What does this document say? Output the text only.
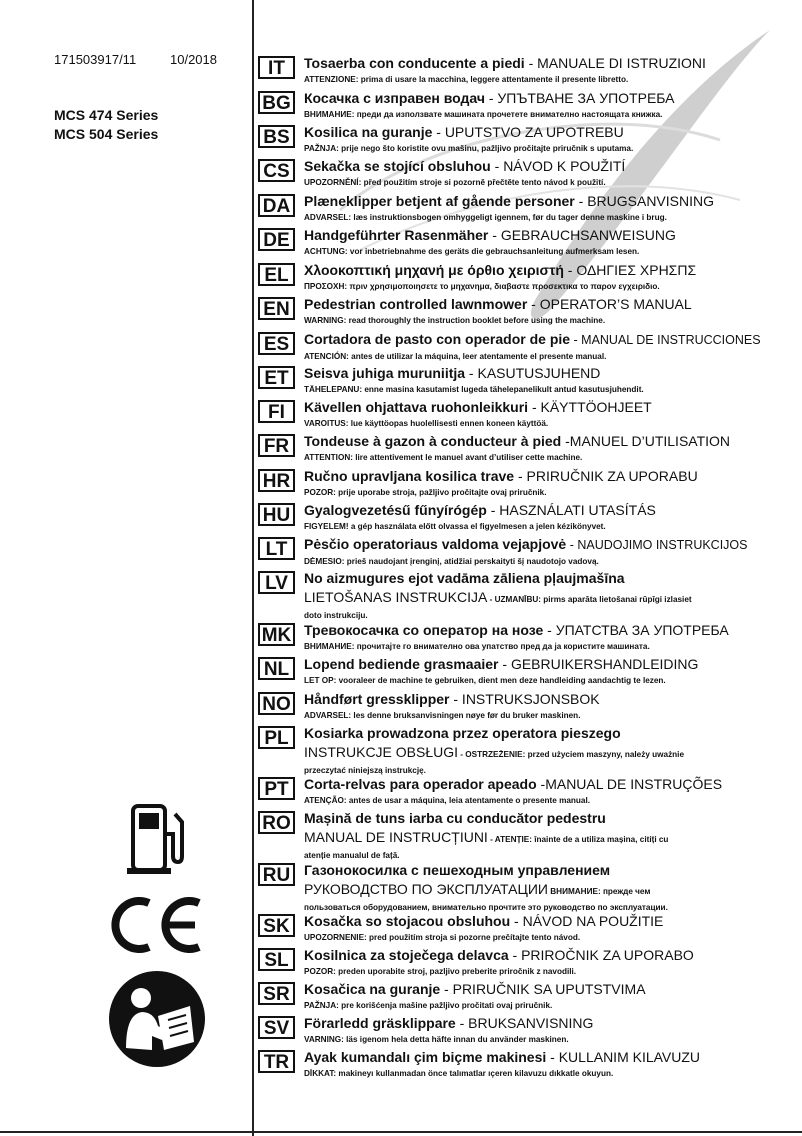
171503917/11	10/2018
MCS 474 Series
MCS 504 Series
IT	Tosaerba con conducente a piedi - MANUALE DI ISTRUZIONI
ATTENZIONE: prima di usare la macchina, leggere attentamente il presente libretto.
BG Косачка с изправен водач - УПЪТВАНЕ ЗА УПОТРЕБА
ВНИМАНИЕ: преди да използвате машината прочетете внимателно настоящата книжка.
BS	Kosilica na guranje - UPUTSTVO ZA UPOTREBU
PAŽNJA: prije nego što koristite ovu mašinu, pažljivo pročitajte priručnik s uputama.
CS	Sekačka se stojící obsluhou - NÁVOD K POUŽITÍ
UPOZORNĚNÍ: před použitím stroje si pozorně přečtěte tento návod k použití.
DA Plæneklipper betjent af gående personer - BRUGSANVISNING
ADVARSEL: læs instruktionsbogen omhyggeligt igennem, før du tager denne maskine i brug.
DE	Handgeführter Rasenmäher - GEBRAUCHSANWEISUNG
ACHTUNG: vor inbetriebnahme des geräts die gebrauchsanleitung aufmerksam lesen.
EL	Χλοοκοπτική μηχανή με όρθιο χειριστή - ΟΔΗΓΙΕΣ ΧΡΗΣΠΣ
ΠΡΟΣΟΧΗ: πριν χρησιμοποιησετε το μηχανημα, διαβαστε προσεκτικα το παρον εγχειριδιο.
EN	Pedestrian controlled lawnmower - OPERATOR’S MANUAL
WARNING: read thoroughly the instruction booklet before using the machine.
ES	Cortadora de pasto con operador de pie - MANUAL DE INSTRUCCIONES
ATENCIÓN: antes de utilizar la máquina, leer atentamente el presente manual.
ET	Seisva juhiga muruniitja - KASUTUSJUHEND
TÄHELEPANU: enne masina kasutamist lugeda tähelepanelikult antud kasutusjuhendit.
FI	Kävellen ohjattava ruohonleikkuri - KÄYTTÖOHJEET
VAROITUS: lue käyttöopas huolellisesti ennen koneen käyttöä.
FR	Tondeuse à gazon à conducteur à pied -MANUEL D’UTILISATION
ATTENTION: lire attentivement le manuel avant d’utiliser cette machine.
HR Ručno upravljana kosilica trave - PRIRUČNIK ZA UPORABU
POZOR: prije uporabe stroja, pažljivo pročitajte ovaj priručnik.
HU Gyalogvezetésű fűnyírógép - HASZNÁLATI UTASÍTÁS
FIGYELEM! a gép használata előtt olvassa el figyelmesen a jelen kézikönyvet.
LT	Pėsčio operatoriaus valdoma vejapjovė - NAUDOJIMO INSTRUKCIJOS
DĖMESIO: prieš naudojant įrenginį, atidžiai perskaityti šį naudotojo vadovą.
LV	No aizmugures ejot vadāma zāliena pļaujmašīna
LIETOŠANAS INSTRUKCIJA - UZMANĪBU: pirms aparāta lietošanai rūpīgi izlasiet
doto instrukciju.
MK Тревокосачка со оператор на нозе - УПАТСТВА ЗА УПОТРЕБА
ВНИМАНИЕ: прочитајте го внимателно ова упатство пред да ја користите машината.
NL	Lopend bediende grasmaaier - GEBRUIKERSHANDLEIDING
LET OP: vooraleer de machine te gebruiken, dient men deze handleiding aandachtig te lezen.
NO Håndført gressklipper - INSTRUKSJONSBOK
ADVARSEL: les denne bruksanvisningen nøye før du bruker maskinen.
PL	Kosiarka prowadzona przez operatora pieszego
INSTRUKCJE OBSŁUGI - OSTRZEŻENIE: przed użyciem maszyny, należy uważnie
przeczytać niniejszą instrukcję.
PT	Corta-relvas para operador apeado -MANUAL DE INSTRUÇÕES
ATENÇÃO: antes de usar a máquina, leia atentamente o presente manual.
RO Mașină de tuns iarba cu conducător pedestru
MANUAL DE INSTRUCȚIUNI - ATENȚIE: înainte de a utiliza mașina, citiți cu
atenție manualul de față.
RU Газонокосилка с пешеходным управлением
РУКОВОДСТВО ПО ЭКСПЛУАТАЦИИ ВНИМАНИЕ: прежде чем
пользоваться оборудованием, внимательно прочтите это руководство по эксплуатации.
SK	Kosačka so stojacou obsluhou - NÁVOD NA POUŽITIE
UPOZORNENIE: pred použitím stroja si pozorne prečítajte tento návod.
SL	Kosilnica za stoječega delavca - PRIROČNIK ZA UPORABO
POZOR: preden uporabite stroj, pazljivo preberite priročnik z navodili.
SR	Kosačica na guranje - PRIRUČNIK SA UPUTSTVIMA
PAŽNJA: pre korišćenja mašine pažljivo pročitati ovaj priručnik.
SV	Förarledd gräsklippare - BRUKSANVISNING
VARNING: läs igenom hela detta häfte innan du använder maskinen.
TR	Ayak kumandalı çim biçme makinesi - KULLANIM KILAVUZU
DİKKAT: makineyı kullanmadan önce talımatlar ıçeren kilavuzu dıkkatle okuyun.
